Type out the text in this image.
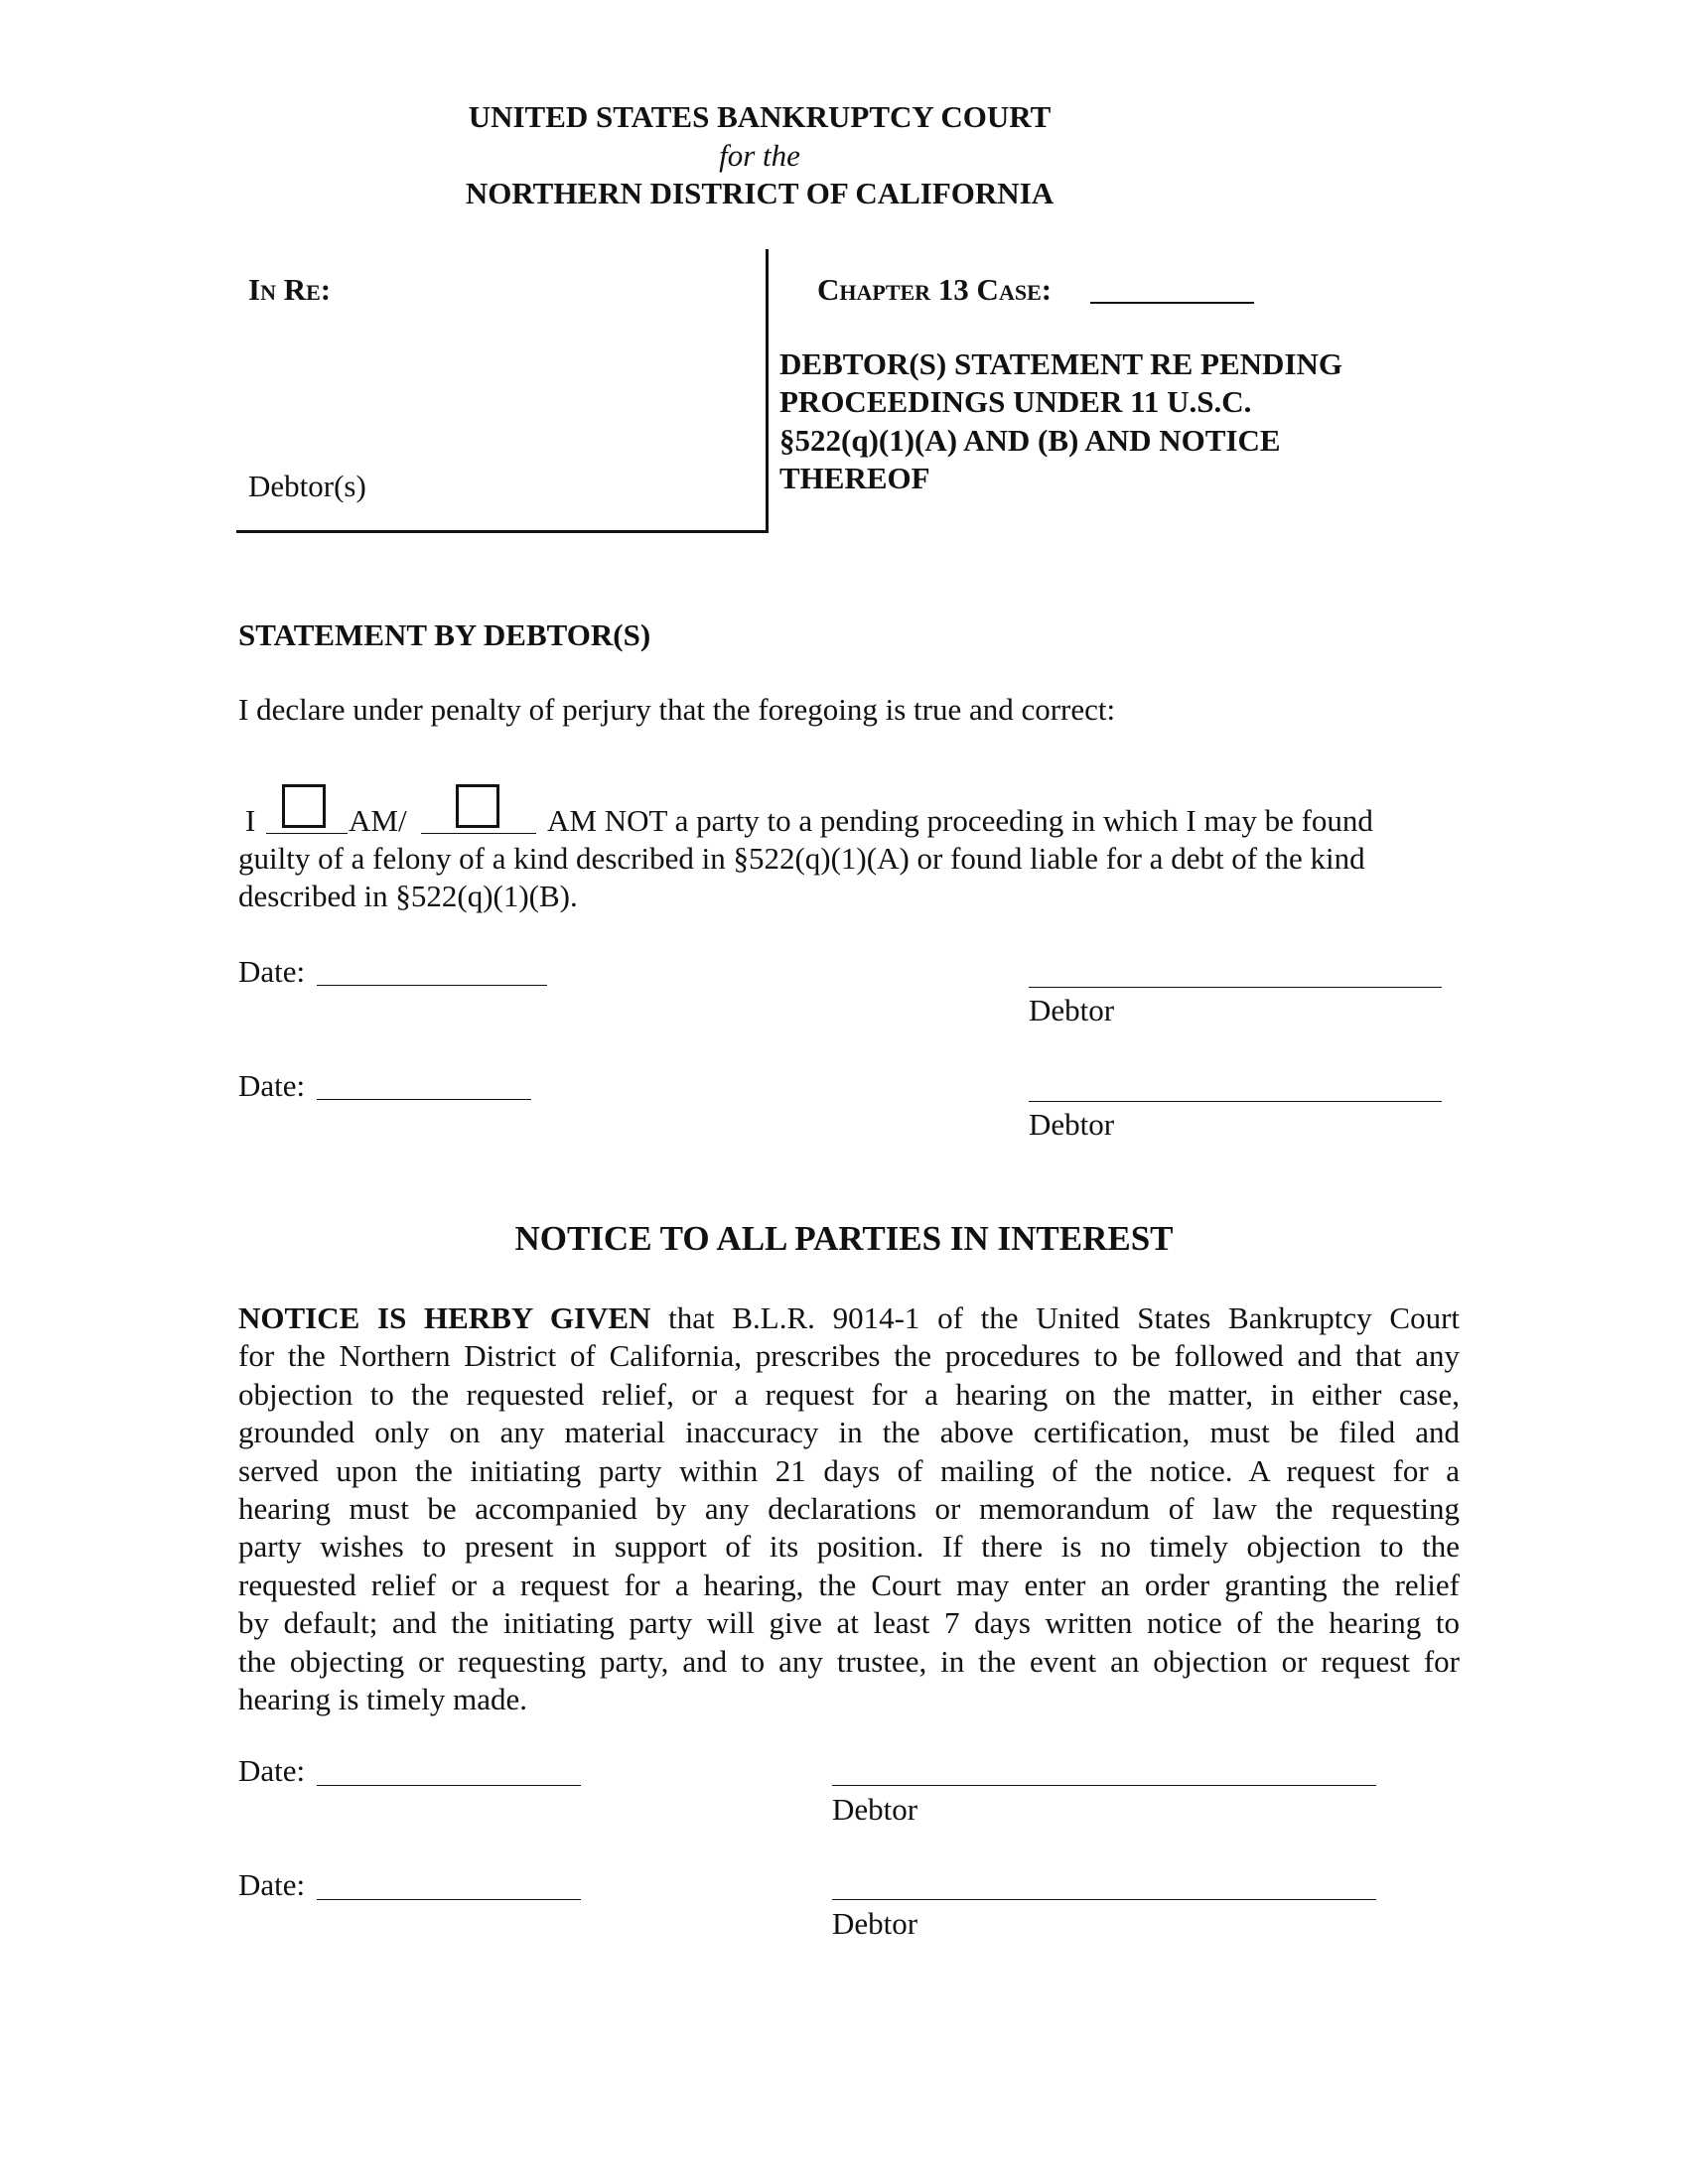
UNITED STATES BANKRUPTCY COURT
for the
NORTHERN DISTRICT OF CALIFORNIA
In Re:
Debtor(s)
Chapter 13 Case:
DEBTOR(S) STATEMENT RE PENDING
PROCEEDINGS UNDER 11 U.S.C.
§522(q)(1)(A) AND (B) AND NOTICE
THEREOF
STATEMENT BY DEBTOR(S)
I declare under penalty of perjury that the foregoing is true and correct:
I	AM/	AM NOT a party to a pending proceeding in which I may be found
guilty of a felony of a kind described in §522(q)(1)(A) or found liable for a debt of the kind
described in §522(q)(1)(B).
Date:
Debtor
Date:
Debtor
NOTICE TO ALL PARTIES IN INTEREST
NOTICE IS HERBY GIVEN that B.L.R. 9014-1 of the United States Bankruptcy Court
for the Northern District of California, prescribes the procedures to be followed and that any
objection to the requested relief, or a request for a hearing on the matter, in either case,
grounded only on any material inaccuracy in the above certification, must be filed and
served upon the initiating party within 21 days of mailing of the notice. A request for a
hearing must be accompanied by any declarations or memorandum of law the requesting
party wishes to present in support of its position. If there is no timely objection to the
requested relief or a request for a hearing, the Court may enter an order granting the relief
by default; and the initiating party will give at least 7 days written notice of the hearing to
the objecting or requesting party, and to any trustee, in the event an objection or request for
hearing is timely made.
Date:
Debtor
Date:
Debtor
